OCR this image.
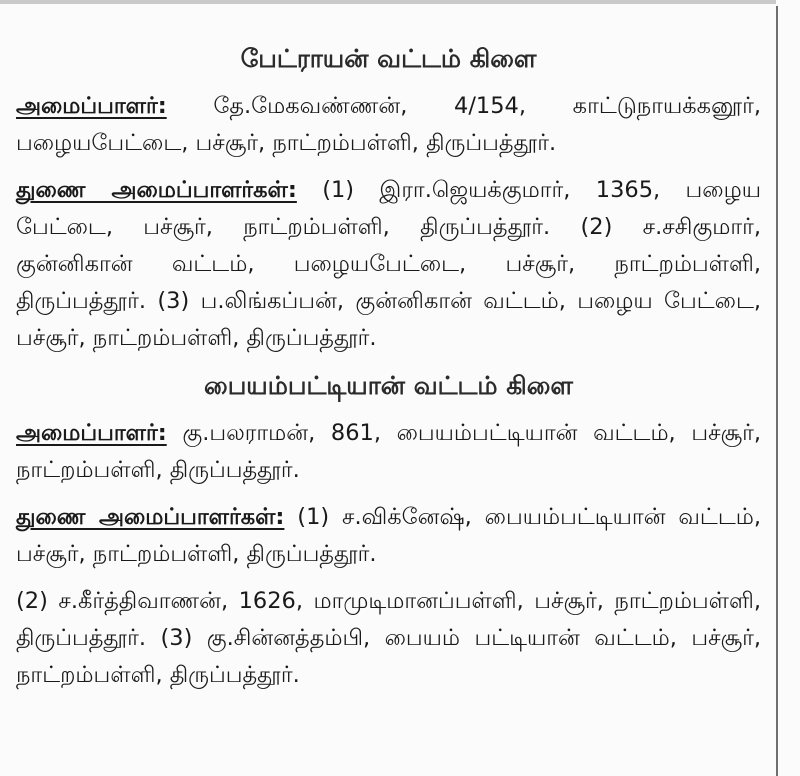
பேட்ராயன் வட்டம் கிளை

அமைப்பாளர்: தே.மேகவண்ணன், 4/154, காட்டுநாயக்கனூர், பழையபேட்டை, பச்சூர், நாட்றம்பள்ளி, திருப்பத்தூர்.

துணை அமைப்பாளர்கள்: (1) இரா.ஜெயக்குமார், 1365, பழைய பேட்டை, பச்சூர், நாட்றம்பள்ளி, திருப்பத்தூர். (2) ச.சசிகுமார், குன்னிகான் வட்டம், பழையபேட்டை, பச்சூர், நாட்றம்பள்ளி, திருப்பத்தூர். (3) ப.லிங்கப்பன், குன்னிகான் வட்டம், பழைய பேட்டை, பச்சூர், நாட்றம்பள்ளி, திருப்பத்தூர்.

பையம்பட்டியான் வட்டம் கிளை

அமைப்பாளர்: கு.பலராமன், 861, பையம்பட்டியான் வட்டம், பச்சூர், நாட்றம்பள்ளி, திருப்பத்தூர்.

துணை அமைப்பாளர்கள்: (1) ச.விக்னேஷ், பையம்பட்டியான் வட்டம், பச்சூர், நாட்றம்பள்ளி, திருப்பத்தூர்.

(2) ச.கீர்த்திவாணன், 1626, மாமுடிமானப்பள்ளி, பச்சூர், நாட்றம்பள்ளி, திருப்பத்தூர். (3) கு.சின்னத்தம்பி, பையம் பட்டியான் வட்டம், பச்சூர், நாட்றம்பள்ளி, திருப்பத்தூர்.
